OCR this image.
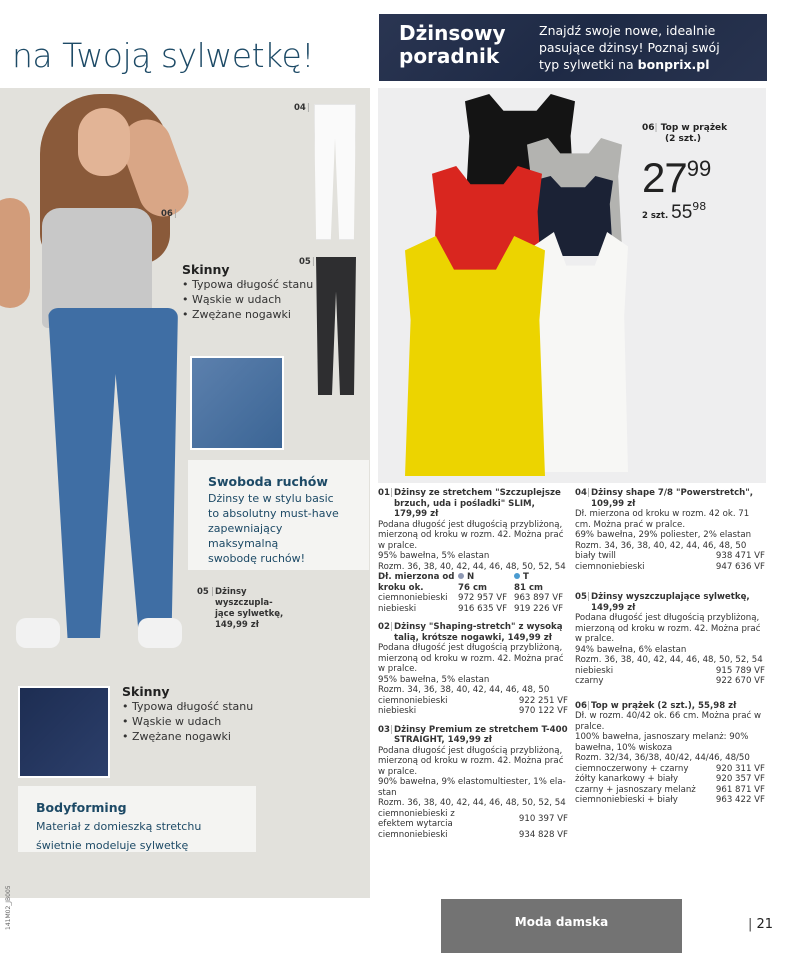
na Twoją sylwetkę!
Dżinsowy
poradnik
Znajdź swoje nowe, idealnie
pasujące dżinsy! Poznaj swój
typ sylwetki na bonprix.pl
04|
06|
05|
Skinny
• Typowa długość stanu
• Wąskie w udach
• Zwężane nogawki
Swoboda ruchów
Dżinsy te w stylu basic
to absolutny must-have
zapewniający maksymalną
swobodę ruchów!
05 | Dżinsy
wyszczupla-
jące sylwetkę,
149,99 zł
Skinny
• Typowa długość stanu
• Wąskie w udach
• Zwężane nogawki
Bodyforming
Materiał z domieszką stretchu
świetnie modeluje sylwetkę
06| Top w prążek
(2 szt.)
$27^{99}$
2 szt. $55^{98}$
01| Dżinsy ze stretchem "Szczuplejsze
brzuch, uda i pośladki" SLIM, 179,99 zł
Podana długość jest długością przybliżoną, mierzoną od kroku w rozm. 42. Można prać w pralce.
95% bawełna, 5% elastan
Rozm. 36, 38, 40, 42, 44, 46, 48, 50, 52, 54
Dł. mierzona od	N	T
kroku ok.	76 cm	81 cm
ciemnoniebieski	972 957 VF 963 897 VF
niebieski	916 635 VF 919 226 VF
02| Dżinsy "Shaping-stretch" z wysoką
talią, krótsze nogawki, 149,99 zł
Podana długość jest długością przybliżoną, mierzoną od kroku w rozm. 42. Można prać w pralce.
95% bawełna, 5% elastan
Rozm. 34, 36, 38, 40, 42, 44, 46, 48, 50
ciemnoniebieski	922 251 VF
niebieski	970 122 VF
03| Dżinsy Premium ze stretchem T-400
STRAIGHT, 149,99 zł
Podana długość jest długością przybliżoną, mierzoną od kroku w rozm. 42. Można prać w pralce.
90% bawełna, 9% elastomultiester, 1% ela-stan
Rozm. 36, 38, 40, 42, 44, 46, 48, 50, 52, 54
ciemnoniebieski z efektem wytarcia
910 397 VF
ciemnoniebieski	934 828 VF
04| Dżinsy shape 7/8 "Powerstretch",
109,99 zł
Dł. mierzona od kroku w rozm. 42 ok. 71 cm. Można prać w pralce.
69% bawełna, 29% poliester, 2% elastan
Rozm. 34, 36, 38, 40, 42, 44, 46, 48, 50
biały twill	938 471 VF
ciemnoniebieski	947 636 VF
05| Dżinsy wyszczuplające sylwetkę,
149,99 zł
Podana długość jest długością przybliżoną, mierzoną od kroku w rozm. 42. Można prać w pralce.
94% bawełna, 6% elastan
Rozm. 36, 38, 40, 42, 44, 46, 48, 50, 52, 54
niebieski	915 789 VF
czarny	922 670 VF
06| Top w prążek (2 szt.), 55,98 zł
Dł. w rozm. 40/42 ok. 66 cm. Można prać w pralce.
100% bawełna, jasnoszary melanż: 90% bawełna, 10% wiskoza
Rozm. 32/34, 36/38, 40/42, 44/46, 48/50
ciemnoczerwony + czarny	920 311 VF
żółty kanarkowy + biały	920 357 VF
czarny + jasnoszary melanż 961 871 VF
ciemnoniebieski + biały	963 422 VF
141M02_JB005	Moda damska	| 21
